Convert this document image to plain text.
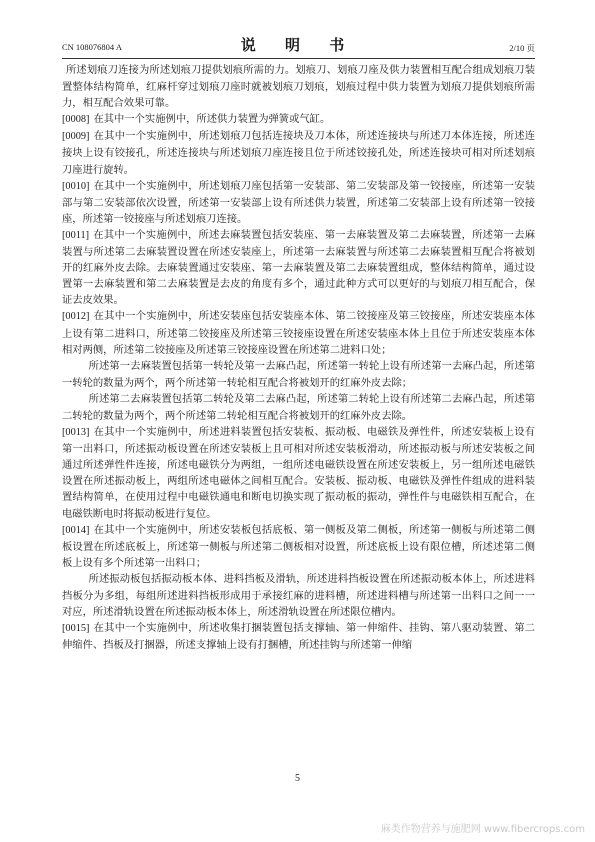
CN 108076804 A	说 明 书	2/10 页

所述划痕刀连接为所述划痕刀提供划痕所需的力。划痕刀、划痕刀座及供力装置相互配合组成划痕刀装置整体结构简单，红麻杆穿过划痕刀座时就被划痕刀划痕，划痕过程中供力装置为划痕刀提供划痕所需力，相互配合效果可靠。

[0008] 在其中一个实施例中，所述供力装置为弹簧或气缸。

[0009] 在其中一个实施例中，所述划痕刀包括连接块及刀本体，所述连接块与所述刀本体连接，所述连接块上设有铰接孔，所述连接块与所述划痕刀座连接且位于所述铰接孔处，所述连接块可相对所述划痕刀座进行旋转。

[0010] 在其中一个实施例中，所述划痕刀座包括第一安装部、第二安装部及第一铰接座，所述第一安装部与第二安装部依次设置，所述第一安装部上设有所述供力装置，所述第二安装部上设有所述第一铰接座，所述第一铰接座与所述划痕刀连接。

[0011] 在其中一个实施例中，所述去麻装置包括安装座、第一去麻装置及第二去麻装置，所述第一去麻装置与所述第二去麻装置设置在所述安装座上，所述第一去麻装置与所述第二去麻装置相互配合将被划开的红麻外皮去除。去麻装置通过安装座、第一去麻装置及第二去麻装置组成，整体结构简单，通过设置第一去麻装置和第二去麻装置是去皮的角度有多个，通过此种方式可以更好的与划痕刀相互配合，保证去皮效果。

[0012] 在其中一个实施例中，所述安装座包括安装座本体、第二铰接座及第三铰接座，所述安装座本体上设有第二进料口，所述第二铰接座及所述第三铰接座设置在所述安装座本体上且位于所述安装座本体相对两侧，所述第二铰接座及所述第三铰接座设置在所述第二进料口处；

所述第一去麻装置包括第一转轮及第一去麻凸起，所述第一转轮上设有所述第一去麻凸起，所述第一转轮的数量为两个，两个所述第一转轮相互配合将被划开的红麻外皮去除；

所述第二去麻装置包括第二转轮及第二去麻凸起，所述第二转轮上设有所述第二去麻凸起，所述第二转轮的数量为两个，两个所述第二转轮相互配合将被划开的红麻外皮去除。

[0013] 在其中一个实施例中，所述进料装置包括安装板、振动板、电磁铁及弹性件，所述安装板上设有第一出料口，所述振动板设置在所述安装板上且可相对所述安装板滑动，所述振动板与所述安装板之间通过所述弹性件连接，所述电磁铁分为两组，一组所述电磁铁设置在所述安装板上，另一组所述电磁铁设置在所述振动板上，两组所述电磁体之间相互配合。安装板、振动板、电磁铁及弹性件组成的进料装置结构简单，在使用过程中电磁铁通电和断电切换实现了振动板的振动，弹性件与电磁铁相互配合，在电磁铁断电时将振动板进行复位。

[0014] 在其中一个实施例中，所述安装板包括底板、第一侧板及第二侧板，所述第一侧板与所述第二侧板设置在所述底板上，所述第一侧板与所述第二侧板相对设置，所述底板上设有限位槽，所述述第二侧板上设有多个所述第一出料口；

所述振动板包括振动板本体、进料挡板及滑轨，所述进料挡板设置在所述振动板本体上，所述进料挡板分为多组，每组所述进料挡板形成用于承接红麻的进料槽，所述进料槽与所述第一出料口之间一一对应，所述滑轨设置在所述振动板本体上，所述滑轨设置在所述限位槽内。

[0015] 在其中一个实施例中，所述收集打捆装置包括支撑轴、第一伸缩件、挂钩、第八驱动装置、第二伸缩件、挡板及打捆器，所述支撑轴上设有打捆槽，所述挂钩与所述第一伸缩

5
麻类作物营养与施肥网 www.fibercrops.com
